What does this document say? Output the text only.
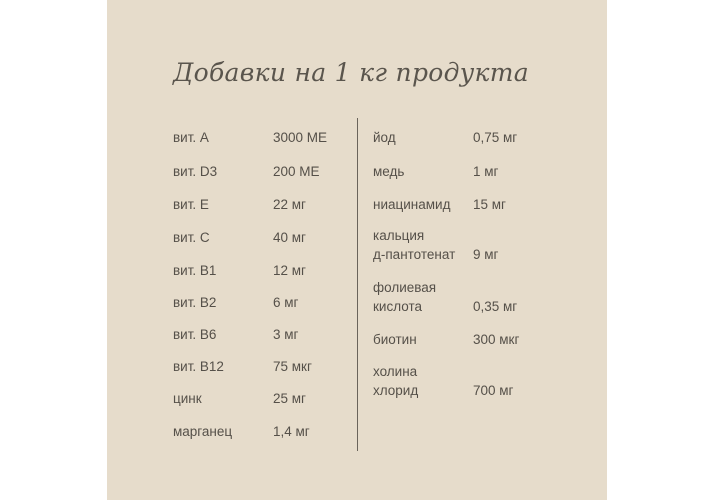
Добавки на 1 кг продукта
вит. А	3000 МЕ
вит. D3	200 МЕ
вит. Е	22 мг
вит. С	40 мг
вит. В1	12 мг
вит. В2	6 мг
вит. В6	3 мг
вит. В12	75 мкг
цинк	25 мг
марганец	1,4 мг
йод	0,75 мг
медь	1 мг
ниацинамид 15 мг
кальция
д-пантотенат 9 мг
фолиевая
кислота	0,35 мг
биотин	300 мкг
холина
хлорид	700 мг
